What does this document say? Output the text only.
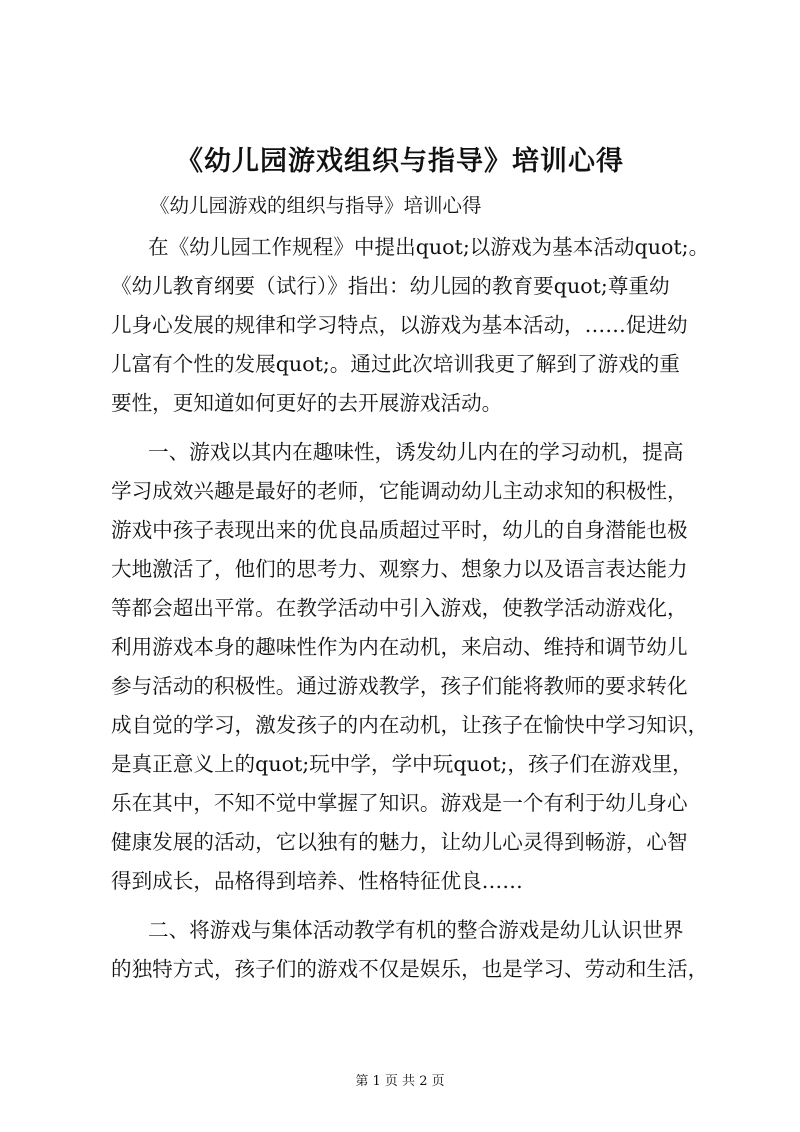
《幼儿园游戏组织与指导》培训心得
《幼儿园游戏的组织与指导》培训心得
在《幼儿园工作规程》中提出quot;以游戏为基本活动quot;。
《幼儿教育纲要（试行）》指出：幼儿园的教育要quot;尊重幼
儿身心发展的规律和学习特点，以游戏为基本活动，……促进幼
儿富有个性的发展quot;。通过此次培训我更了解到了游戏的重
要性，更知道如何更好的去开展游戏活动。
一、游戏以其内在趣味性，诱发幼儿内在的学习动机，提高
学习成效兴趣是最好的老师，它能调动幼儿主动求知的积极性，
游戏中孩子表现出来的优良品质超过平时，幼儿的自身潜能也极
大地激活了，他们的思考力、观察力、想象力以及语言表达能力
等都会超出平常。在教学活动中引入游戏，使教学活动游戏化，
利用游戏本身的趣味性作为内在动机，来启动、维持和调节幼儿
参与活动的积极性。通过游戏教学，孩子们能将教师的要求转化
成自觉的学习，激发孩子的内在动机，让孩子在愉快中学习知识，
是真正意义上的quot;玩中学，学中玩quot;，孩子们在游戏里，
乐在其中，不知不觉中掌握了知识。游戏是一个有利于幼儿身心
健康发展的活动，它以独有的魅力，让幼儿心灵得到畅游，心智
得到成长，品格得到培养、性格特征优良……
二、将游戏与集体活动教学有机的整合游戏是幼儿认识世界
的独特方式，孩子们的游戏不仅是娱乐，也是学习、劳动和生活，
第 1 页 共 2 页
